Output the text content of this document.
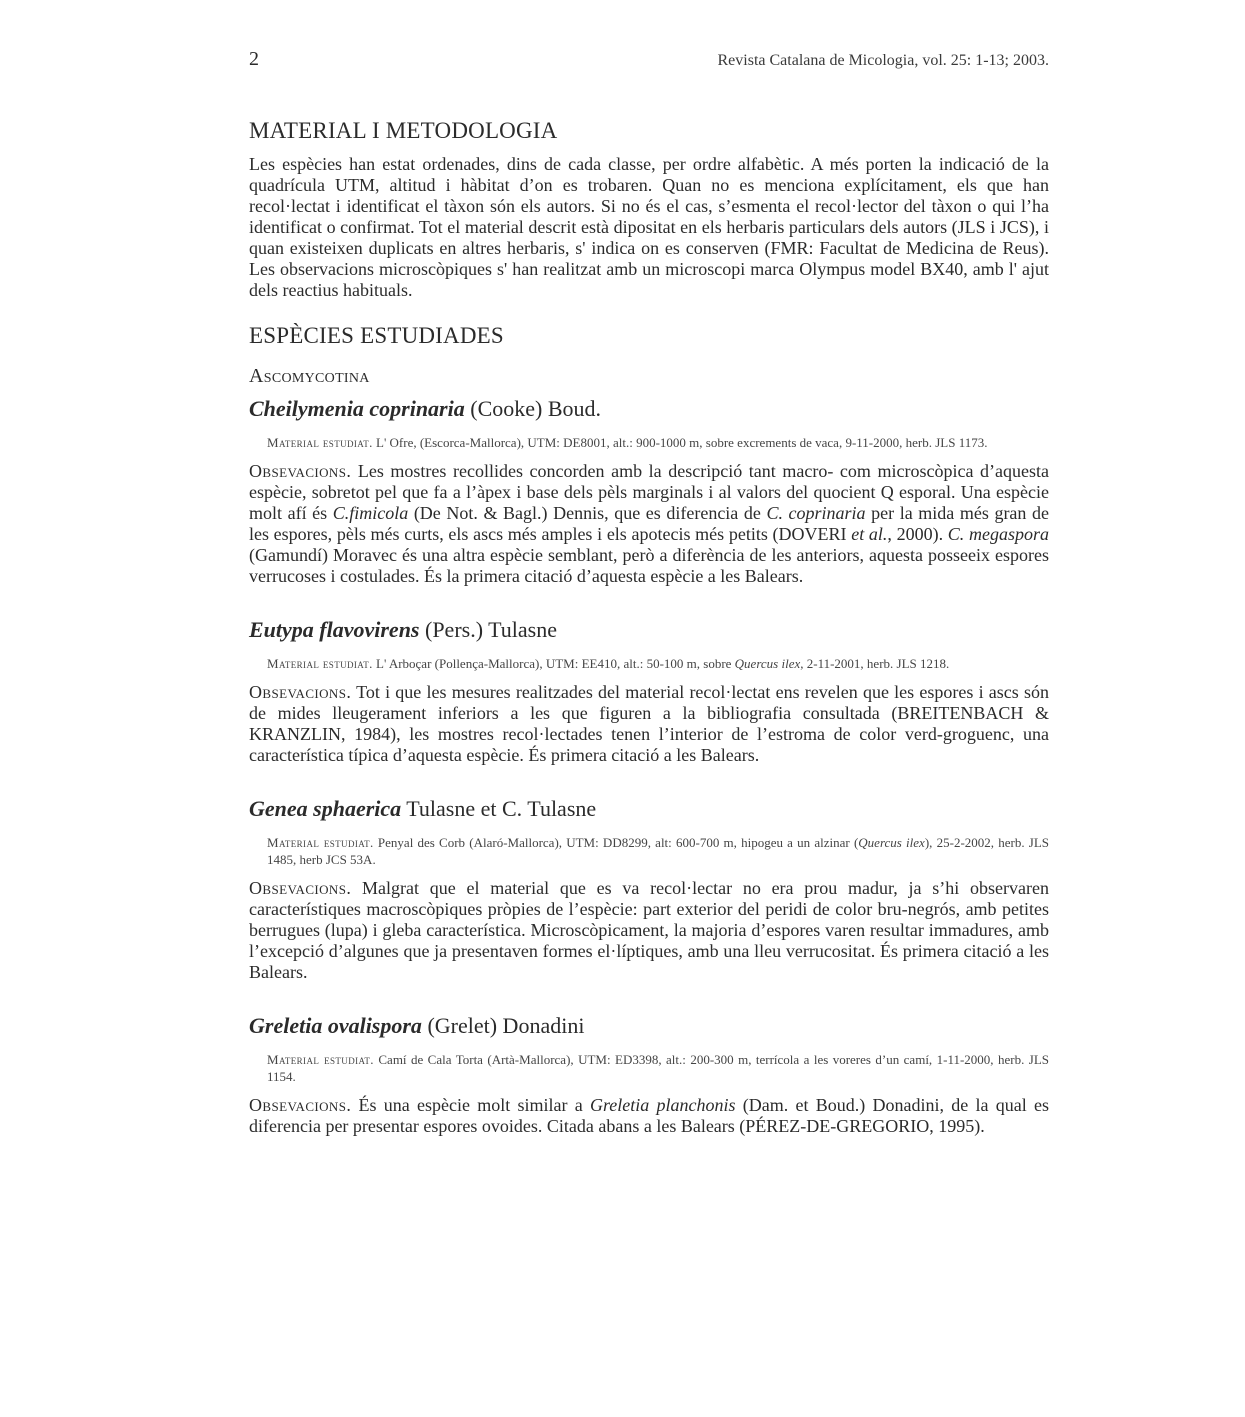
2	Revista Catalana de Micologia, vol. 25: 1-13; 2003.
MATERIAL I METODOLOGIA

Les espècies han estat ordenades, dins de cada classe, per ordre alfabètic. A més porten la indicació de la quadrícula UTM, altitud i hàbitat d’on es trobaren. Quan no es menciona explícitament, els que han recol·lectat i identificat el tàxon són els autors. Si no és el cas, s’esmenta el recol·lector del tàxon o qui l’ha identificat o confirmat. Tot el material descrit està dipositat en els herbaris particulars dels autors (JLS i JCS), i quan existeixen duplicats en altres herbaris, s' indica on es conserven (FMR: Facultat de Medicina de Reus). Les observacions microscòpiques s' han realitzat amb un microscopi marca Olympus model BX40, amb l' ajut dels reactius habituals.

ESPÈCIES ESTUDIADES
Ascomycotina
Cheilymenia coprinaria (Cooke) Boud.

Material estudiat. L' Ofre, (Escorca-Mallorca), UTM: DE8001, alt.: 900-1000 m, sobre excrements de vaca, 9-11-2000, herb. JLS 1173.

Obsevacions. Les mostres recollides concorden amb la descripció tant macro- com microscòpica d’aquesta espècie, sobretot pel que fa a l’àpex i base dels pèls marginals i al valors del quocient Q esporal. Una espècie molt afí és C.fimicola (De Not. & Bagl.) Dennis, que es diferencia de C. coprinaria per la mida més gran de les espores, pèls més curts, els ascs més amples i els apotecis més petits (DOVERI et al., 2000). C. megaspora (Gamundí) Moravec és una altra espècie semblant, però a diferència de les anteriors, aquesta posseeix espores verrucoses i costulades. És la primera citació d’aquesta espècie a les Balears.

Eutypa flavovirens (Pers.) Tulasne

Material estudiat. L' Arboçar (Pollença-Mallorca), UTM: EE410, alt.: 50-100 m, sobre Quercus ilex, 2-11-2001, herb. JLS 1218.

Obsevacions. Tot i que les mesures realitzades del material recol·lectat ens revelen que les espores i ascs són de mides lleugerament inferiors a les que figuren a la bibliografia consultada (BREITENBACH & KRANZLIN, 1984), les mostres recol·lectades tenen l’interior de l’estroma de color verd-groguenc, una característica típica d’aquesta espècie. És primera citació a les Balears.

Genea sphaerica Tulasne et C. Tulasne

Material estudiat. Penyal des Corb (Alaró-Mallorca), UTM: DD8299, alt: 600-700 m, hipogeu a un alzinar (Quercus ilex), 25-2-2002, herb. JLS 1485, herb JCS 53A.

Obsevacions. Malgrat que el material que es va recol·lectar no era prou madur, ja s’hi observaren característiques macroscòpiques pròpies de l’espècie: part exterior del peridi de color bru-negrós, amb petites berrugues (lupa) i gleba característica. Microscòpicament, la majoria d’espores varen resultar immadures, amb l’excepció d’algunes que ja presentaven formes el·líptiques, amb una lleu verrucositat. És primera citació a les Balears.

Greletia ovalispora (Grelet) Donadini

Material estudiat. Camí de Cala Torta (Artà-Mallorca), UTM: ED3398, alt.: 200-300 m, terrícola a les voreres d’un camí, 1-11-2000, herb. JLS 1154.

Obsevacions. És una espècie molt similar a Greletia planchonis (Dam. et Boud.) Donadini, de la qual es diferencia per presentar espores ovoides. Citada abans a les Balears (PÉREZ-DE-GREGORIO, 1995).
